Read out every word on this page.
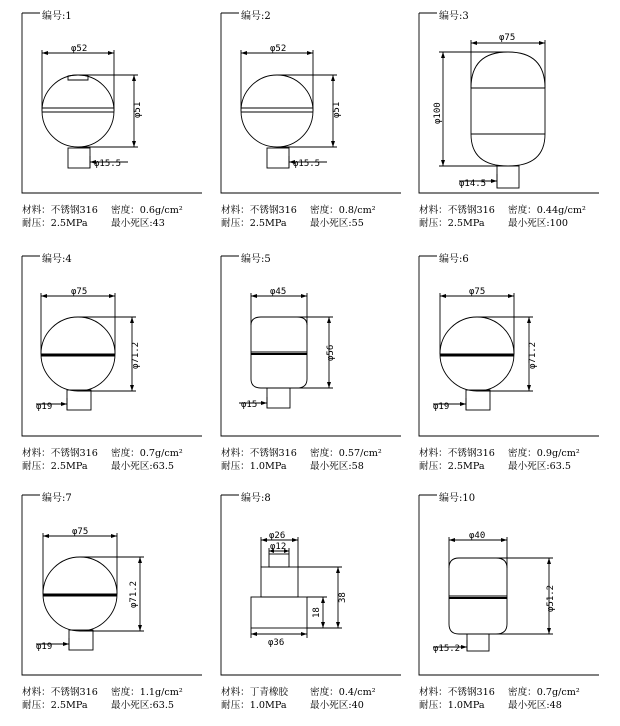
φ52
φ51
φ15.5
编号:1
材料：不锈钢316 密度：0.6g/cm²
耐压：2.5MPa 最小死区:43
φ52
φ51
φ15.5
编号:2
材料：不锈钢316 密度：0.8/cm²
耐压：2.5MPa 最小死区:55
φ75
φ100
φ14.5
编号:3
材料：不锈钢316 密度：0.44g/cm²
耐压：2.5MPa 最小死区:100
φ75
φ71.2
φ19
编号:4
材料：不锈钢316 密度：0.7g/cm²
耐压：2.5MPa 最小死区:63.5
φ45
φ56
φ15
编号:5
材料：不锈钢316 密度：0.57/cm²
耐压：1.0MPa 最小死区:58
φ75
φ71.2
φ19
编号:6
材料：不锈钢316 密度：0.9g/cm²
耐压：2.5MPa 最小死区:63.5
φ75
φ71.2
φ19
编号:7
材料：不锈钢316 密度：1.1g/cm²
耐压：2.5MPa 最小死区:63.5
φ26
φ12
φ36
38
18
编号:8
材料：丁青橡胶 密度：0.4/cm²
耐压：1.0MPa 最小死区:40
φ40
φ51.2
φ15.2
编号:10
材料：不锈钢316 密度：0.7g/cm²
耐压：1.0MPa 最小死区:48
